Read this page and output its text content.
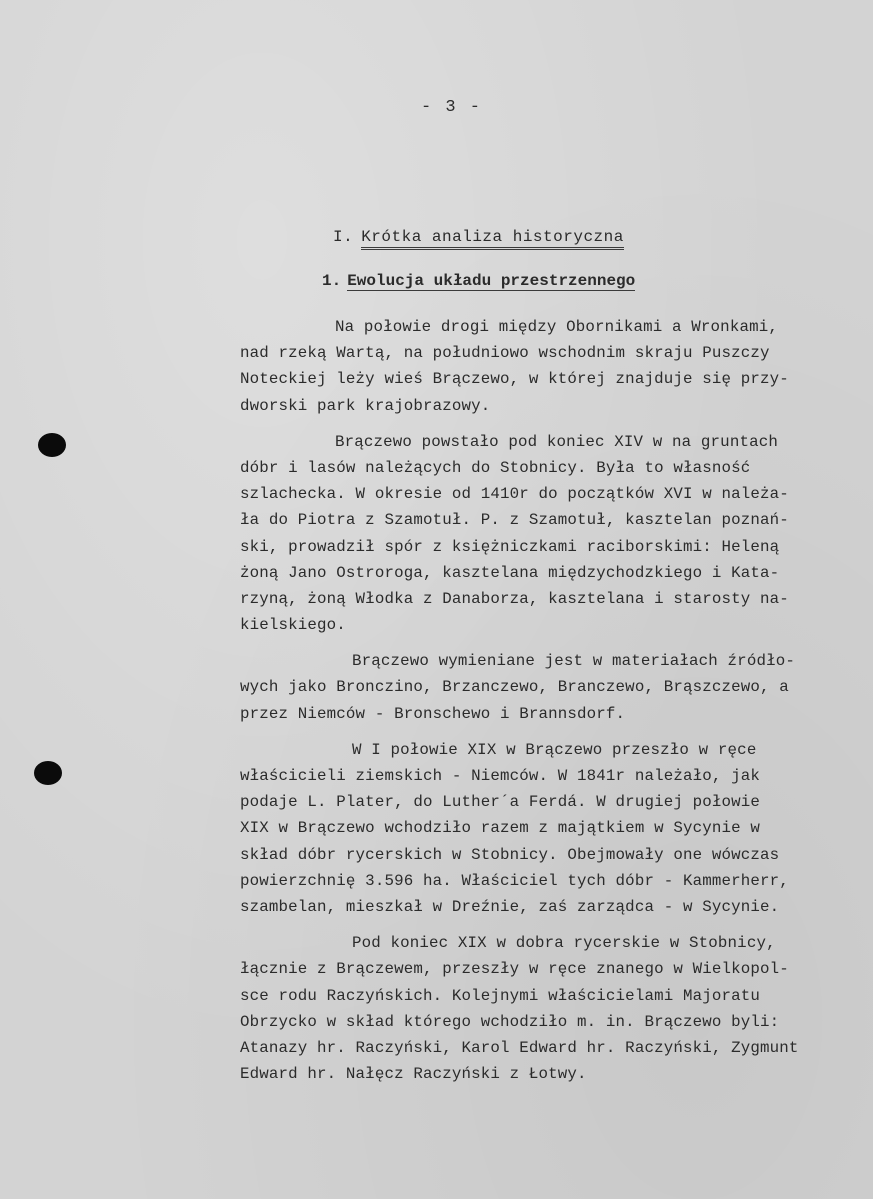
- 3 -
I. Krótka analiza historyczna
1. Ewolucja układu przestrzennego
Na połowie drogi między Obornikami a Wronkami,
nad rzeką Wartą, na południowo wschodnim skraju Puszczy
Noteckiej leży wieś Brączewo, w której znajduje się przy-
dworski park krajobrazowy.
Brączewo powstało pod koniec XIV w na gruntach
dóbr i lasów należących do Stobnicy. Była to własność
szlachecka. W okresie od 1410r do początków XVI w należa-
ła do Piotra z Szamotuł. P. z Szamotuł, kasztelan poznań-
ski, prowadził spór z księżniczkami raciborskimi: Heleną
żoną Jano Ostroroga, kasztelana międzychodzkiego i Kata-
rzyną, żoną Włodka z Danaborza, kasztelana i starosty na-
kielskiego.
Brączewo wymieniane jest w materiałach źródło-
wych jako Bronczino, Brzanczewo, Branczewo, Brąszczewo, a
przez Niemców - Bronschewo i Brannsdorf.
W I połowie XIX w Brączewo przeszło w ręce
właścicieli ziemskich - Niemców. W 1841r należało, jak
podaje L. Plater, do Luther´a Ferdá. W drugiej połowie
XIX w Brączewo wchodziło razem z majątkiem w Sycynie w
skład dóbr rycerskich w Stobnicy. Obejmowały one wówczas
powierzchnię 3.596 ha. Właściciel tych dóbr - Kammerherr,
szambelan, mieszkał w Dreźnie, zaś zarządca - w Sycynie.
Pod koniec XIX w dobra rycerskie w Stobnicy,
łącznie z Brączewem, przeszły w ręce znanego w Wielkopol-
sce rodu Raczyńskich. Kolejnymi właścicielami Majoratu
Obrzycko w skład którego wchodziło m. in. Brączewo byli:
Atanazy hr. Raczyński, Karol Edward hr. Raczyński, Zygmunt
Edward hr. Nałęcz Raczyński z Łotwy.
